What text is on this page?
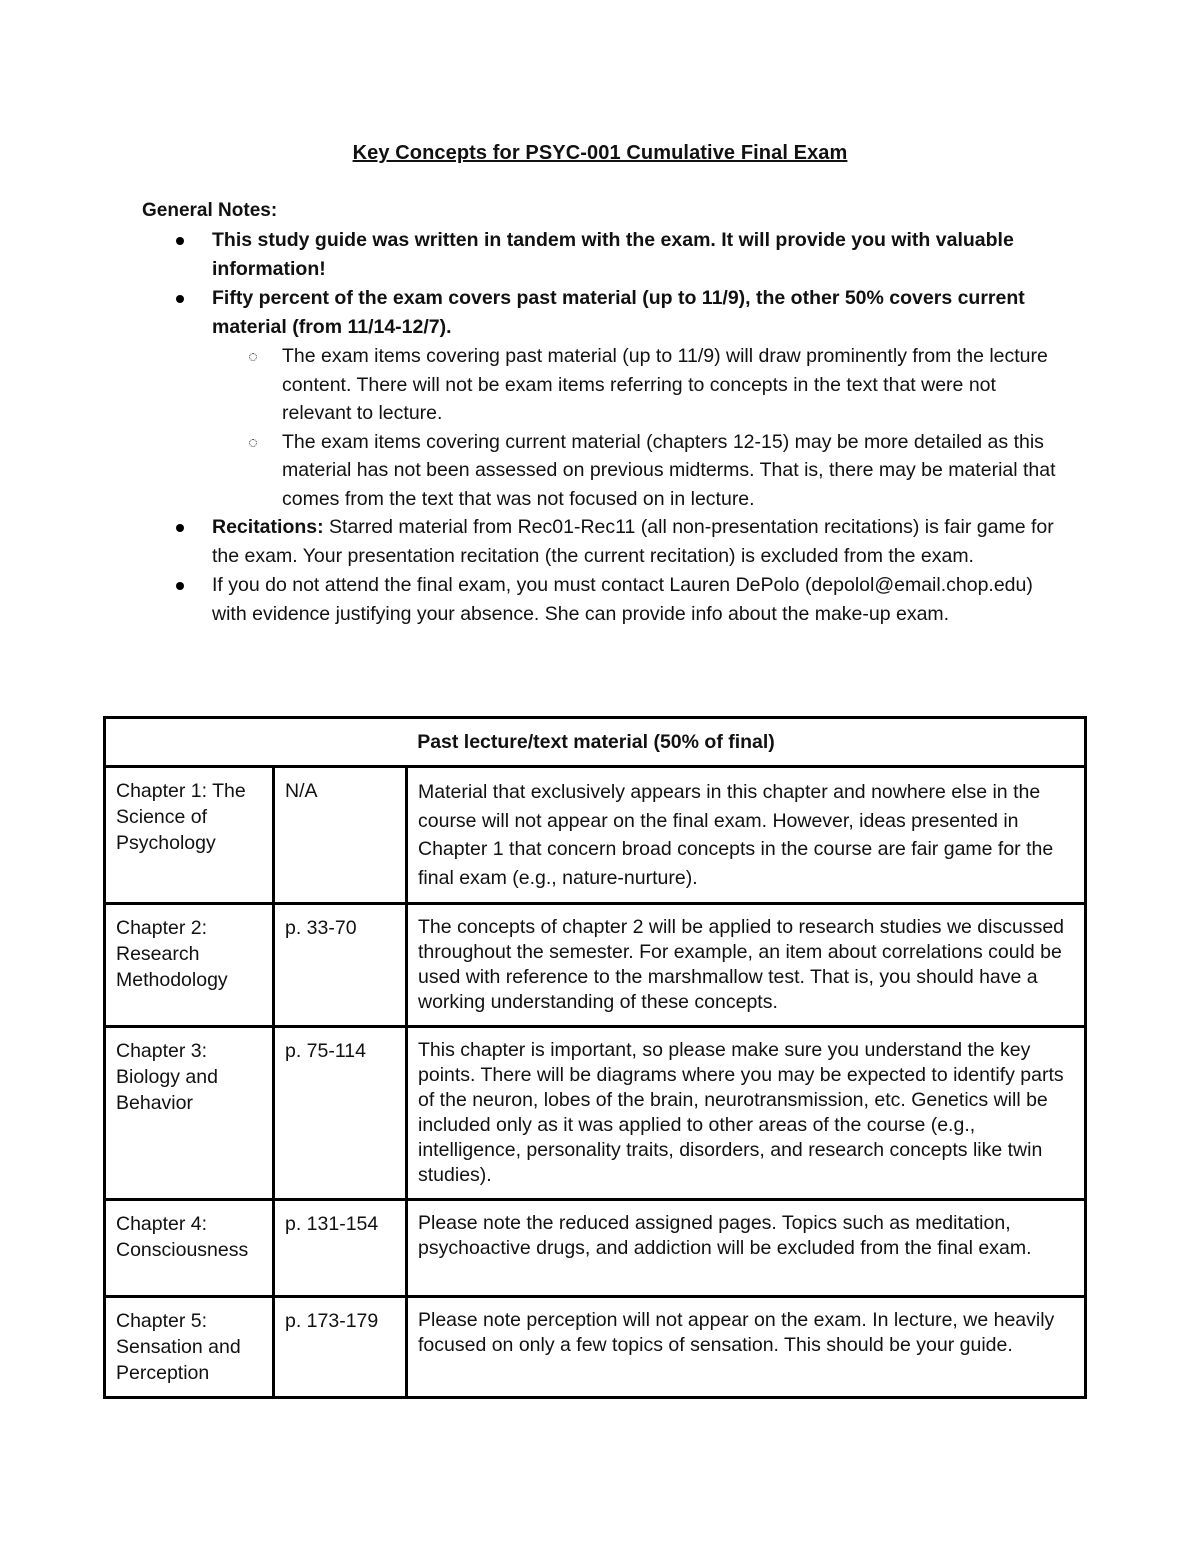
Key Concepts for PSYC-001 Cumulative Final Exam
General Notes:
This study guide was written in tandem with the exam. It will provide you with valuable information!
Fifty percent of the exam covers past material (up to 11/9), the other 50% covers current material (from 11/14-12/7).
The exam items covering past material (up to 11/9) will draw prominently from the lecture content. There will not be exam items referring to concepts in the text that were not relevant to lecture.
The exam items covering current material (chapters 12-15) may be more detailed as this material has not been assessed on previous midterms. That is, there may be material that comes from the text that was not focused on in lecture.
Recitations: Starred material from Rec01-Rec11 (all non-presentation recitations) is fair game for the exam. Your presentation recitation (the current recitation) is excluded from the exam.
If you do not attend the final exam, you must contact Lauren DePolo (depolol@email.chop.edu) with evidence justifying your absence. She can provide info about the make-up exam.
Past lecture/text material (50% of final)		
Chapter 1: The Science of Psychology	N/A	Material that exclusively appears in this chapter and nowhere else in the course will not appear on the final exam. However, ideas presented in Chapter 1 that concern broad concepts in the course are fair game for the final exam (e.g., nature-nurture).
Chapter 2: Research Methodology	p. 33-70	The concepts of chapter 2 will be applied to research studies we discussed throughout the semester. For example, an item about correlations could be used with reference to the marshmallow test. That is, you should have a working understanding of these concepts.
Chapter 3: Biology and Behavior	p. 75-114	This chapter is important, so please make sure you understand the key points. There will be diagrams where you may be expected to identify parts of the neuron, lobes of the brain, neurotransmission, etc. Genetics will be included only as it was applied to other areas of the course (e.g., intelligence, personality traits, disorders, and research concepts like twin studies).
Chapter 4: Consciousness	p. 131-154	Please note the reduced assigned pages. Topics such as meditation, psychoactive drugs, and addiction will be excluded from the final exam.
Chapter 5: Sensation and Perception	p. 173-179	Please note perception will not appear on the exam. In lecture, we heavily focused on only a few topics of sensation. This should be your guide.
